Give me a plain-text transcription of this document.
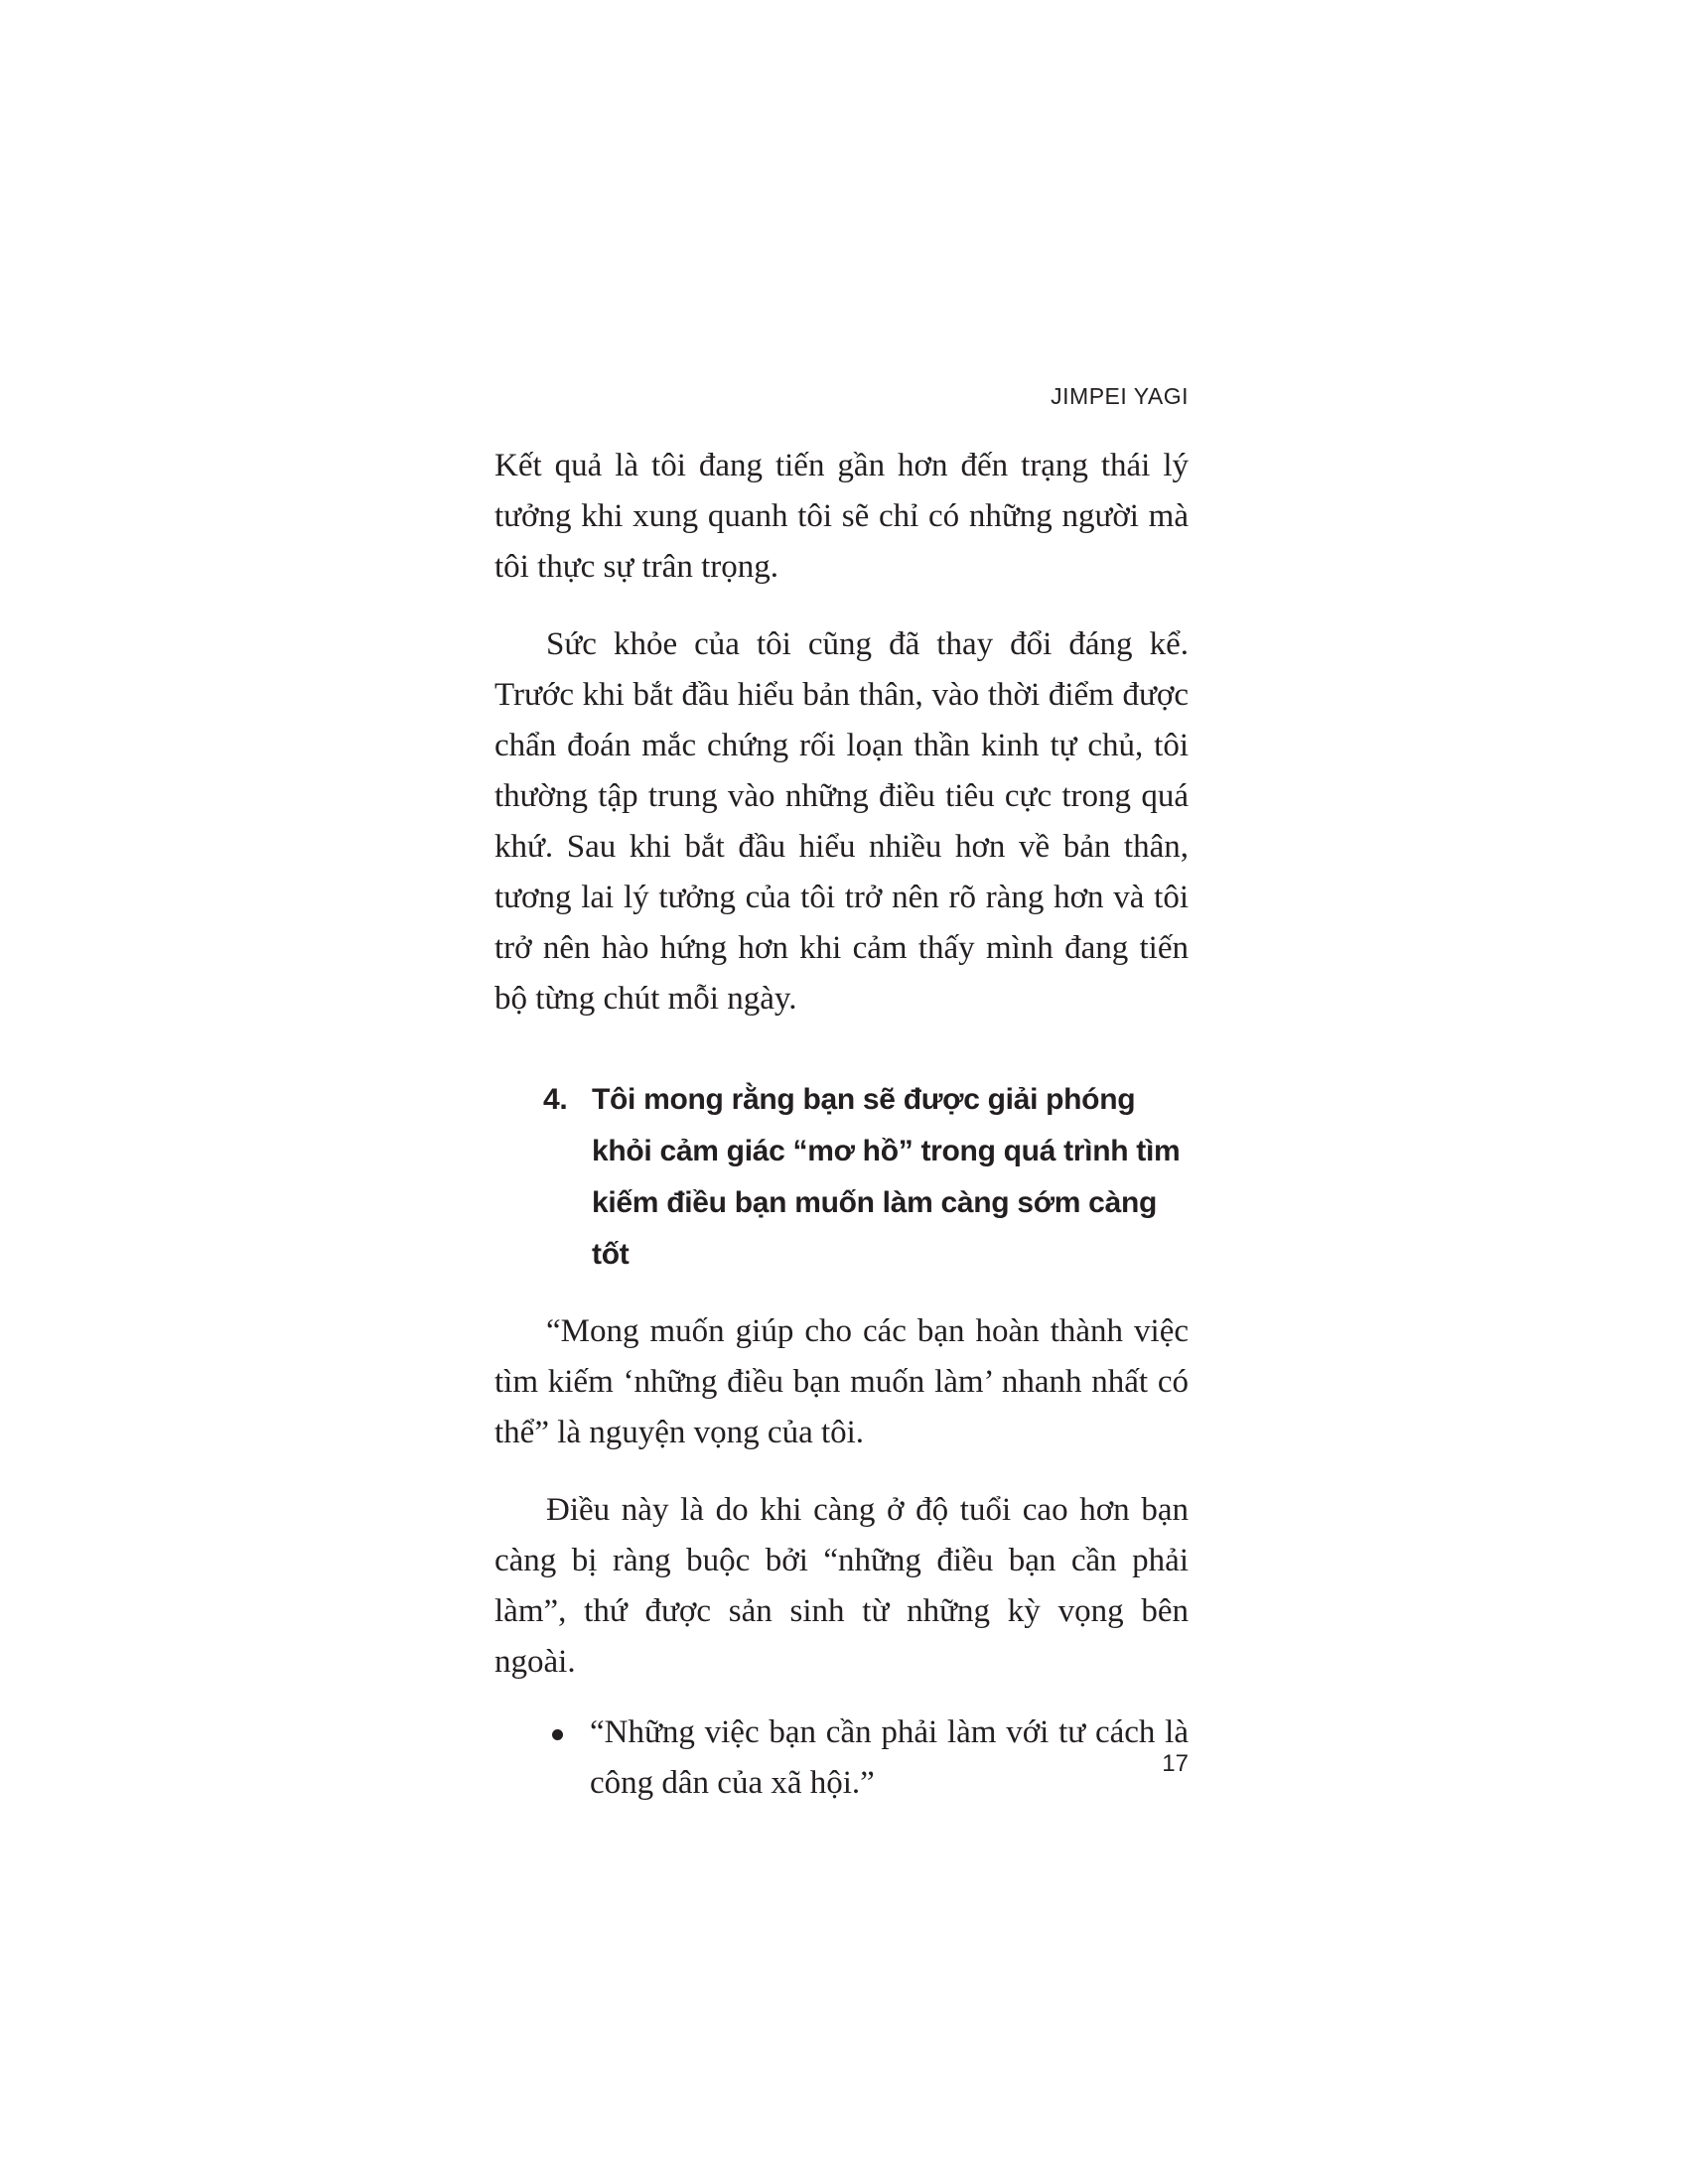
JIMPEI YAGI

Kết quả là tôi đang tiến gần hơn đến trạng thái lý tưởng khi xung quanh tôi sẽ chỉ có những người mà tôi thực sự trân trọng.

Sức khỏe của tôi cũng đã thay đổi đáng kể. Trước khi bắt đầu hiểu bản thân, vào thời điểm được chẩn đoán mắc chứng rối loạn thần kinh tự chủ, tôi thường tập trung vào những điều tiêu cực trong quá khứ. Sau khi bắt đầu hiểu nhiều hơn về bản thân, tương lai lý tưởng của tôi trở nên rõ ràng hơn và tôi trở nên hào hứng hơn khi cảm thấy mình đang tiến bộ từng chút mỗi ngày.

4. Tôi mong rằng bạn sẽ được giải phóng khỏi cảm giác “mơ hồ” trong quá trình tìm kiếm điều bạn muốn làm càng sớm càng tốt

“Mong muốn giúp cho các bạn hoàn thành việc tìm kiếm ‘những điều bạn muốn làm’ nhanh nhất có thể” là nguyện vọng của tôi.

Điều này là do khi càng ở độ tuổi cao hơn bạn càng bị ràng buộc bởi “những điều bạn cần phải làm”, thứ được sản sinh từ những kỳ vọng bên ngoài.

“Những việc bạn cần phải làm với tư cách là công dân của xã hội.”
17
